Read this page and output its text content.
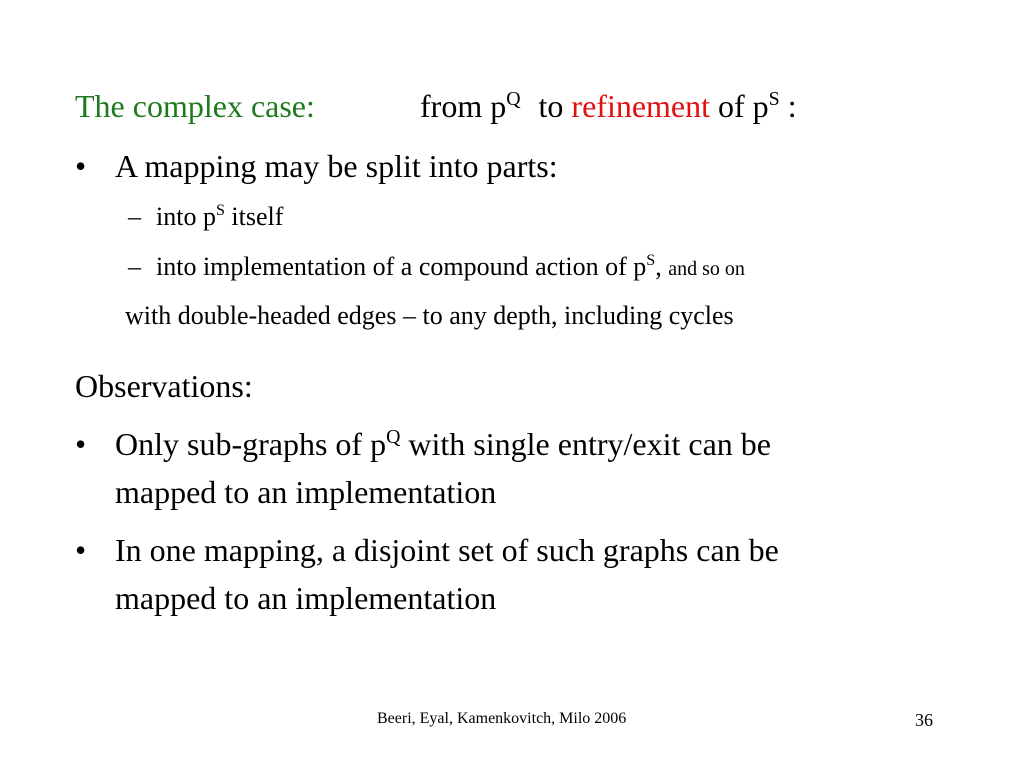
The complex case:	from $p^Q$ to refinement of $p^S$ :
• A mapping may be split into parts:
– into $p^S$ itself
– into implementation of a compound action of $p^S$, and so on
with double-headed edges – to any depth, including cycles
Observations:
• Only sub-graphs of $p^Q$ with single entry/exit can be
mapped to an implementation
• In one mapping, a disjoint set of such graphs can be
mapped to an implementation
Beeri, Eyal, Kamenkovitch, Milo 2006	36
